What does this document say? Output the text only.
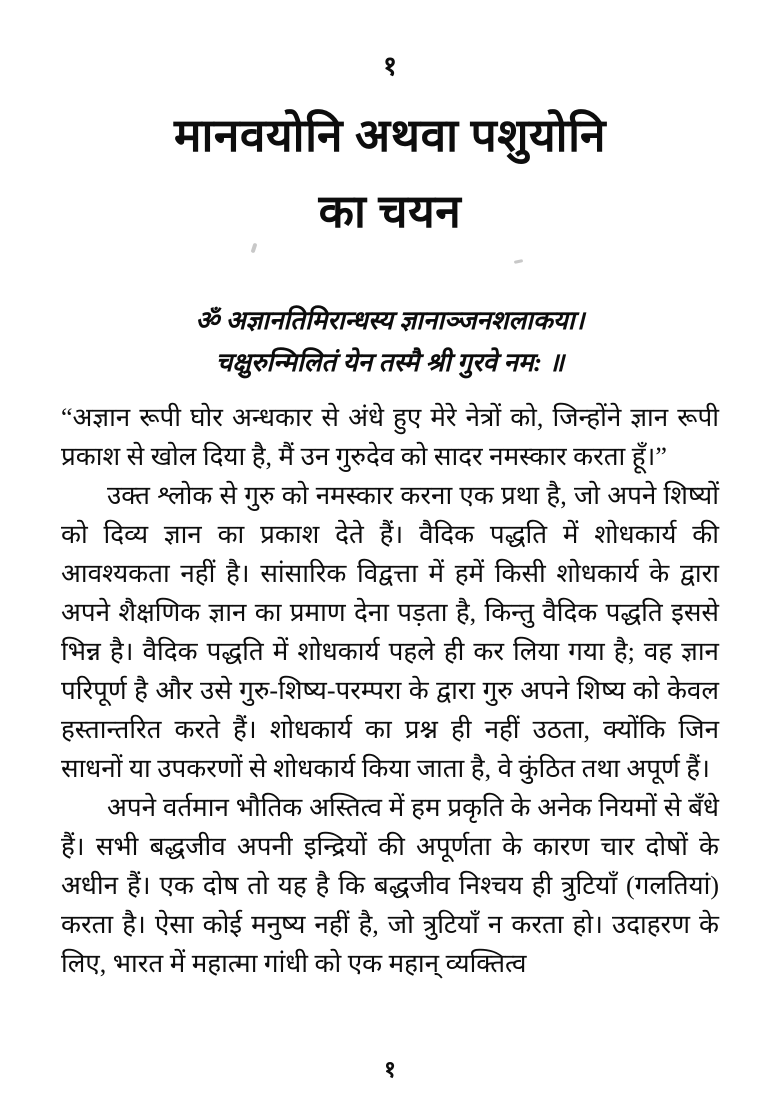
१
मानवयोनि अथवा पशुयोनि
का चयन
ॐ अज्ञानतिमिरान्धस्य ज्ञानाञ्जनशलाकया।
चक्षुरुन्मिलितं येन तस्मै श्री गुरवे नम: ॥

“अज्ञान रूपी घोर अन्धकार से अंधे हुए मेरे नेत्रों को, जिन्होंने ज्ञान रूपी प्रकाश से खोल दिया है, मैं उन गुरुदेव को सादर नमस्कार करता हूँ।”

उक्त श्लोक से गुरु को नमस्कार करना एक प्रथा है, जो अपने शिष्यों को दिव्य ज्ञान का प्रकाश देते हैं। वैदिक पद्धति में शोधकार्य की आवश्यकता नहीं है। सांसारिक विद्वत्ता में हमें किसी शोधकार्य के द्वारा अपने शैक्षणिक ज्ञान का प्रमाण देना पड़ता है, किन्तु वैदिक पद्धति इससे भिन्न है। वैदिक पद्धति में शोधकार्य पहले ही कर लिया गया है; वह ज्ञान परिपूर्ण है और उसे गुरु-शिष्य-परम्परा के द्वारा गुरु अपने शिष्य को केवल हस्तान्तरित करते हैं। शोधकार्य का प्रश्न ही नहीं उठता, क्योंकि जिन साधनों या उपकरणों से शोधकार्य किया जाता है, वे कुंठित तथा अपूर्ण हैं।

अपने वर्तमान भौतिक अस्तित्व में हम प्रकृति के अनेक नियमों से बँधे हैं। सभी बद्धजीव अपनी इन्द्रियों की अपूर्णता के कारण चार दोषों के अधीन हैं। एक दोष तो यह है कि बद्धजीव निश्चय ही त्रुटियाँ (गलतियां) करता है। ऐसा कोई मनुष्य नहीं है, जो त्रुटियाँ न करता हो। उदाहरण के लिए, भारत में महात्मा गांधी को एक महान् व्यक्तित्व

१
